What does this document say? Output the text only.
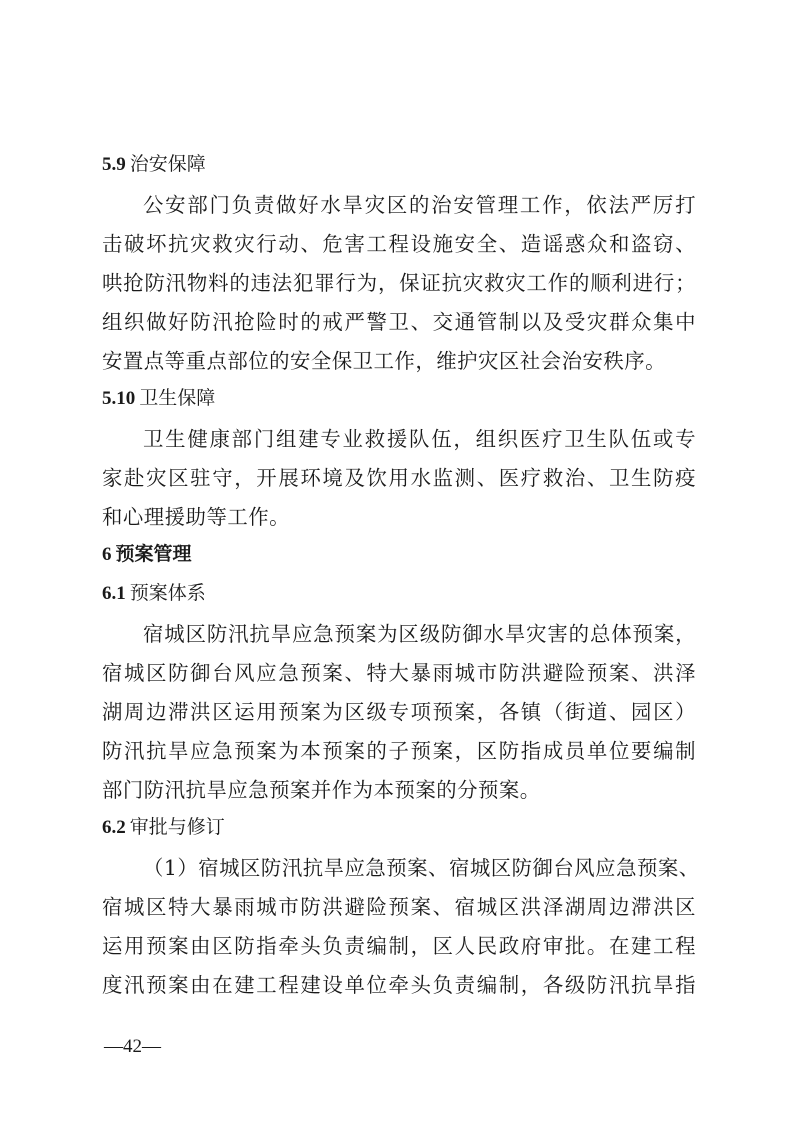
5.9 治安保障
公安部门负责做好水旱灾区的治安管理工作，依法严厉打
击破坏抗灾救灾行动、危害工程设施安全、造谣惑众和盗窃、
哄抢防汛物料的违法犯罪行为，保证抗灾救灾工作的顺利进行；
组织做好防汛抢险时的戒严警卫、交通管制以及受灾群众集中
安置点等重点部位的安全保卫工作，维护灾区社会治安秩序。
5.10 卫生保障
卫生健康部门组建专业救援队伍，组织医疗卫生队伍或专
家赴灾区驻守，开展环境及饮用水监测、医疗救治、卫生防疫
和心理援助等工作。
6 预案管理
6.1 预案体系
宿城区防汛抗旱应急预案为区级防御水旱灾害的总体预案，
宿城区防御台风应急预案、特大暴雨城市防洪避险预案、洪泽
湖周边滞洪区运用预案为区级专项预案，各镇（街道、园区）
防汛抗旱应急预案为本预案的子预案，区防指成员单位要编制
部门防汛抗旱应急预案并作为本预案的分预案。
6.2 审批与修订
（1）宿城区防汛抗旱应急预案、宿城区防御台风应急预案、
宿城区特大暴雨城市防洪避险预案、宿城区洪泽湖周边滞洪区
运用预案由区防指牵头负责编制，区人民政府审批。在建工程
度汛预案由在建工程建设单位牵头负责编制，各级防汛抗旱指
—42—
